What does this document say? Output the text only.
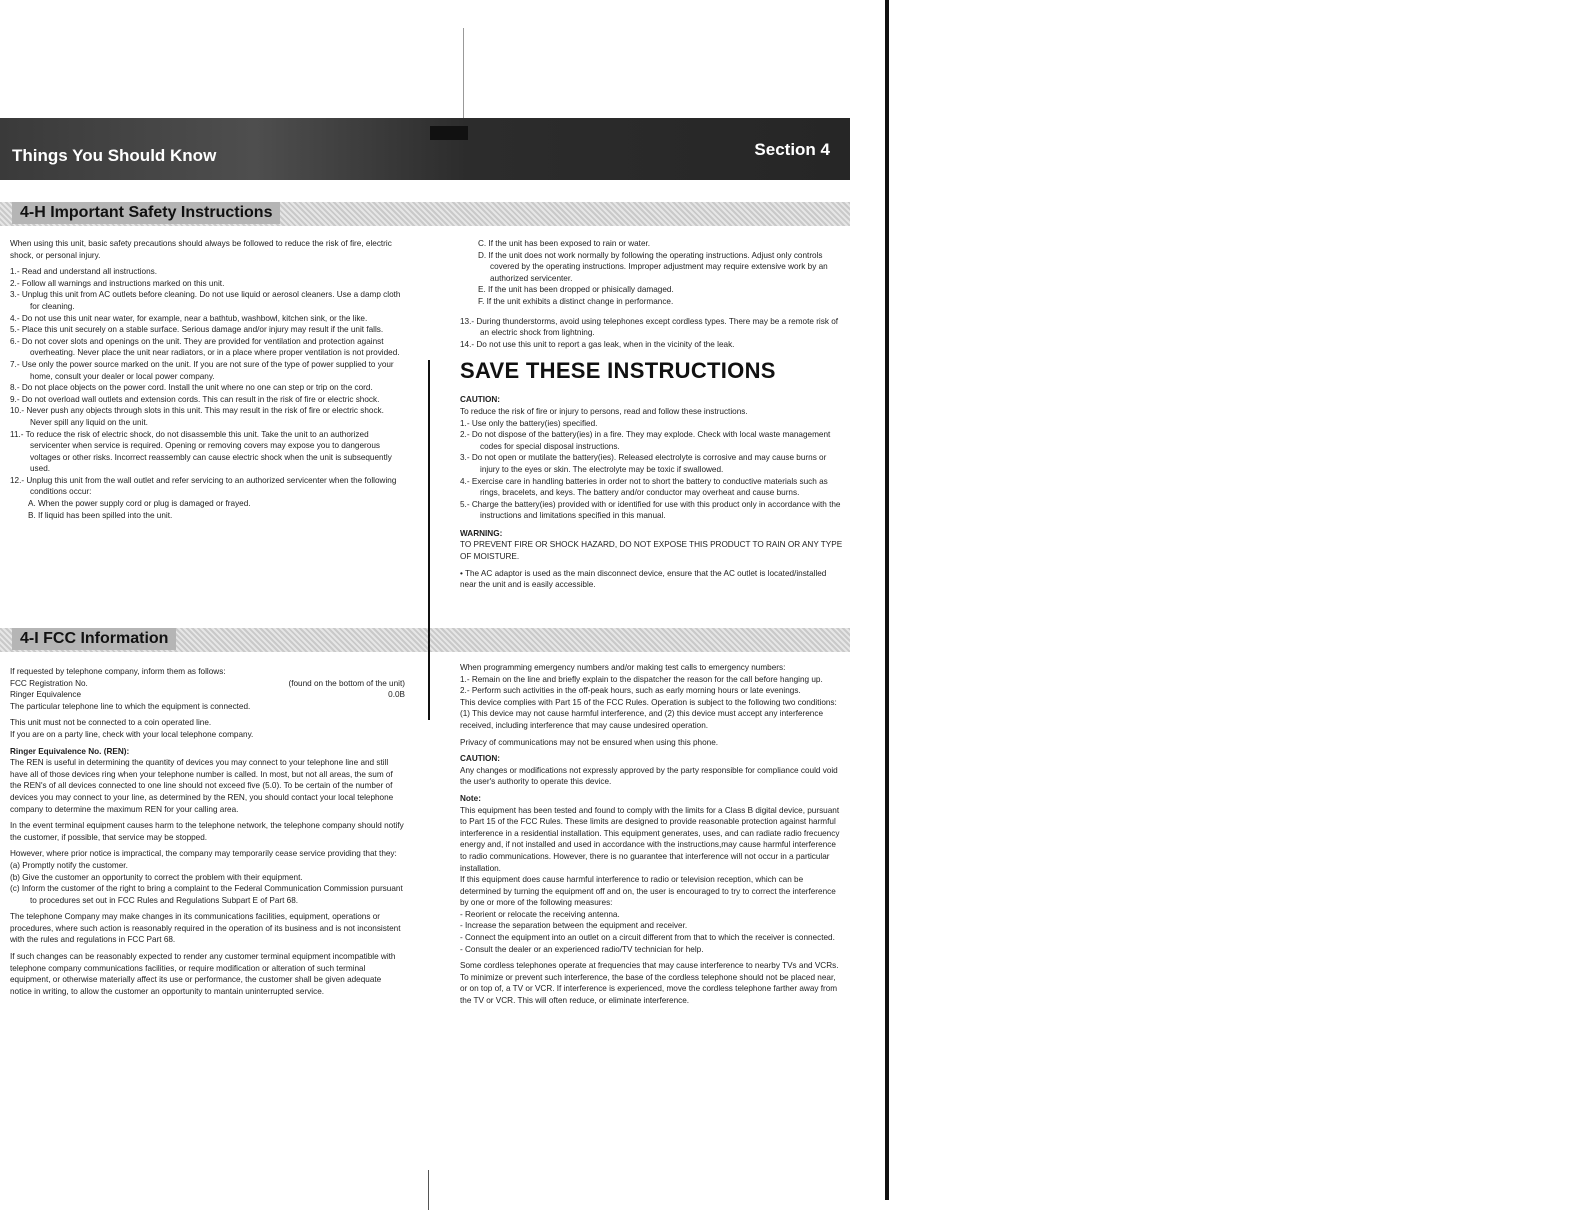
Things You Should Know	Section 4
4-H Important Safety Instructions

When using this unit, basic safety precautions should always be followed to reduce the risk of fire, electric shock, or personal injury.

1.- Read and understand all instructions.
2.- Follow all warnings and instructions marked on this unit.
3.- Unplug this unit from AC outlets before cleaning. Do not use liquid or aerosol cleaners. Use a damp cloth for cleaning.
4.- Do not use this unit near water, for example, near a bathtub, washbowl, kitchen sink, or the like.
5.- Place this unit securely on a stable surface. Serious damage and/or injury may result if the unit falls.
6.- Do not cover slots and openings on the unit. They are provided for ventilation and protection against overheating. Never place the unit near radiators, or in a place where proper ventilation is not provided.
7.- Use only the power source marked on the unit. If you are not sure of the type of power supplied to your home, consult your dealer or local power company.
8.- Do not place objects on the power cord. Install the unit where no one can step or trip on the cord.
9.- Do not overload wall outlets and extension cords. This can result in the risk of fire or electric shock.
10.- Never push any objects through slots in this unit. This may result in the risk of fire or electric shock. Never spill any liquid on the unit.
11.- To reduce the risk of electric shock, do not disassemble this unit. Take the unit to an authorized servicenter when service is required. Opening or removing covers may expose you to dangerous voltages or other risks. Incorrect reassembly can cause electric shock when the unit is subsequently used.
12.- Unplug this unit from the wall outlet and refer servicing to an authorized servicenter when the following conditions occur:
A. When the power supply cord or plug is damaged or frayed.
B. If liquid has been spilled into the unit.
C. If the unit has been exposed to rain or water.
D. If the unit does not work normally by following the operating instructions. Adjust only controls covered by the operating instructions. Improper adjustment may require extensive work by an authorized servicenter.
E. If the unit has been dropped or phisically damaged.
F. If the unit exhibits a distinct change in performance.
13.- During thunderstorms, avoid using telephones except cordless types. There may be a remote risk of an electric shock from lightning.
14.- Do not use this unit to report a gas leak, when in the vicinity of the leak.
SAVE THESE INSTRUCTIONS
CAUTION:
To reduce the risk of fire or injury to persons, read and follow these instructions.
1.- Use only the battery(ies) specified.
2.- Do not dispose of the battery(ies) in a fire. They may explode. Check with local waste management codes for special disposal instructions.
3.- Do not open or mutilate the battery(ies). Released electrolyte is corrosive and may cause burns or injury to the eyes or skin. The electrolyte may be toxic if swallowed.
4.- Exercise care in handling batteries in order not to short the battery to conductive materials such as rings, bracelets, and keys. The battery and/or conductor may overheat and cause burns.
5.- Charge the battery(ies) provided with or identified for use with this product only in accordance with the instructions and limitations specified in this manual.
WARNING:

TO PREVENT FIRE OR SHOCK HAZARD, DO NOT EXPOSE THIS PRODUCT TO RAIN OR ANY TYPE OF MOISTURE.

• The AC adaptor is used as the main disconnect device, ensure that the AC outlet is located/installed near the unit and is easily accessible.

4-I FCC Information
If requested by telephone company, inform them as follows:
FCC Registration No.	(found on the bottom of the unit)
Ringer Equivalence	0.0B

The particular telephone line to which the equipment is connected.

This unit must not be connected to a coin operated line.

If you are on a party line, check with your local telephone company.

Ringer Equivalence No. (REN):

The REN is useful in determining the quantity of devices you may connect to your telephone line and still have all of those devices ring when your telephone number is called. In most, but not all areas, the sum of the REN's of all devices connected to one line should not exceed five (5.0). To be certain of the number of devices you may connect to your line, as determined by the REN, you should contact your local telephone company to determine the maximum REN for your calling area.

In the event terminal equipment causes harm to the telephone network, the telephone company should notify the customer, if possible, that service may be stopped.

However, where prior notice is impractical, the company may temporarily cease service providing that they:
(a) Promptly notify the customer.
(b) Give the customer an opportunity to correct the problem with their equipment.
(c) Inform the customer of the right to bring a complaint to the Federal Communication Commission pursuant to procedures set out in FCC Rules and Regulations Subpart E of Part 68.

The telephone Company may make changes in its communications facilities, equipment, operations or procedures, where such action is reasonably required in the operation of its business and is not inconsistent with the rules and regulations in FCC Part 68.

If such changes can be reasonably expected to render any customer terminal equipment incompatible with telephone company communications facilities, or require modification or alteration of such terminal equipment, or otherwise materially affect its use or performance, the customer shall be given adequate notice in writing, to allow the customer an opportunity to mantain uninterrupted service.

When programming emergency numbers and/or making test calls to emergency numbers:
1.- Remain on the line and briefly explain to the dispatcher the reason for the call before hanging up.
2.- Perform such activities in the off-peak hours, such as early morning hours or late evenings.

This device complies with Part 15 of the FCC Rules. Operation is subject to the following two conditions: (1) This device may not cause harmful interference, and (2) this device must accept any interference received, including interference that may cause undesired operation.

Privacy of communications may not be ensured when using this phone.

CAUTION:

Any changes or modifications not expressly approved by the party responsible for compliance could void the user's authority to operate this device.

Note:
This equipment has been tested and found to comply with the limits for a Class B digital device, pursuant to Part 15 of the FCC Rules. These limits are designed to provide reasonable protection against harmful interference in a residential installation. This equipment generates, uses, and can radiate radio frecuency energy and, if not installed and used in accordance with the instructions,may cause harmful interference to radio communications. However, there is no guarantee that interference will not occur in a particular installation.
If this equipment does cause harmful interference to radio or television reception, which can be determined by turning the equipment off and on, the user is encouraged to try to correct the interference by one or more of the following measures:
- Reorient or relocate the receiving antenna.
- Increase the separation between the equipment and receiver.
- Connect the equipment into an outlet on a circuit different from that to which the receiver is connected.
- Consult the dealer or an experienced radio/TV technician for help.

Some cordless telephones operate at frequencies that may cause interference to nearby TVs and VCRs. To minimize or prevent such interference, the base of the cordless telephone should not be placed near, or on top of, a TV or VCR. If interference is experienced, move the cordless telephone farther away from the TV or VCR. This will often reduce, or eliminate interference.
